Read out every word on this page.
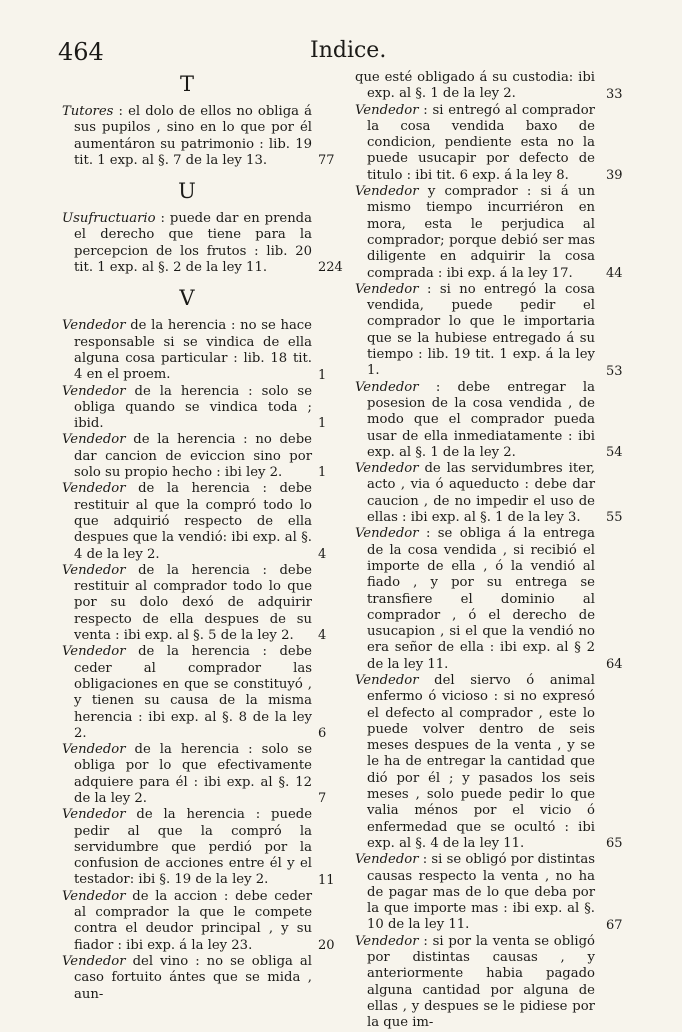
464	Indice.
T

Tutores : el dolo de ellos no obliga á sus pupilos , sino en lo que por él aumentáron su patrimonio : lib. 19 tit. 1 exp. al §. 7 de la ley 13.

U

Usufructuario : puede dar en prenda el derecho que tiene para la percepcion de los frutos : lib. 20 tit. 1 exp. al §. 2 de la ley 11.

V

Vendedor de la herencia : no se hace responsable si se vindica de ella alguna cosa particular : lib. 18 tit. 4 en el proem.

Vendedor de la herencia : solo se obliga quando se vindica toda ; ibid.

Vendedor de la herencia : no debe dar cancion de eviccion sino por solo su propio hecho : ibi ley 2.

Vendedor de la herencia : debe restituir al que la compró todo lo que adquirió respecto de ella despues que la vendió: ibi exp. al §. 4 de la ley 2.

Vendedor de la herencia : debe restituir al comprador todo lo que por su dolo dexó de adquirir respecto de ella despues de su venta : ibi exp. al §. 5 de la ley 2.

Vendedor de la herencia : debe ceder al comprador las obligaciones en que se constituyó , y tienen su causa de la misma herencia : ibi exp. al §. 8 de la ley 2.

Vendedor de la herencia : solo se obliga por lo que efectivamente adquiere para él : ibi exp. al §. 12 de la ley 2.

Vendedor de la herencia : puede pedir al que la compró la servidumbre que perdió por la confusion de acciones entre él y el testador: ibi §. 19 de la ley 2.

Vendedor de la accion : debe ceder al comprador la que le compete contra el deudor principal , y su fiador : ibi exp. á la ley 23.

Vendedor del vino : no se obliga al caso fortuito ántes que se mida , aun-

que esté obligado á su custodia: ibi exp. al §. 1 de la ley 2.

Vendedor : si entregó al comprador la cosa vendida baxo de condicion, pendiente esta no la puede usucapir por defecto de titulo : ibi tit. 6 exp. á la ley 8.

Vendedor y comprador : si á un mismo tiempo incurriéron en mora, esta le perjudica al comprador; porque debió ser mas diligente en adquirir la cosa comprada : ibi exp. á la ley 17.

Vendedor : si no entregó la cosa vendida, puede pedir el comprador lo que le importaria que se la hubiese entregado á su tiempo : lib. 19 tit. 1 exp. á la ley 1.

Vendedor : debe entregar la posesion de la cosa vendida , de modo que el comprador pueda usar de ella inmediatamente : ibi exp. al §. 1 de la ley 2.

Vendedor de las servidumbres iter, acto , via ó aqueducto : debe dar caucion , de no impedir el uso de ellas : ibi exp. al §. 1 de la ley 3.

Vendedor : se obliga á la entrega de la cosa vendida , si recibió el importe de ella , ó la vendió al fiado , y por su entrega se transfiere el dominio al comprador , ó el derecho de usucapion , si el que la vendió no era señor de ella : ibi exp. al § 2 de la ley 11.

Vendedor del siervo ó animal enfermo ó vicioso : si no expresó el defecto al comprador , este lo puede volver dentro de seis meses despues de la venta , y se le ha de entregar la cantidad que dió por él ; y pasados los seis meses , solo puede pedir lo que valia ménos por el vicio ó enfermedad que se ocultó : ibi exp. al §. 4 de la ley 11.

Vendedor : si se obligó por distintas causas respecto la venta , no ha de pagar mas de lo que deba por la que importe mas : ibi exp. al §. 10 de la ley 11.

Vendedor : si por la venta se obligó por distintas causas , y anteriormente habia pagado alguna cantidad por alguna de ellas , y despues se le pidiese por la que im-

77
224
1
1
1
4
4
6
7
11
20
33
39
44
53
54
55
64
65
67
